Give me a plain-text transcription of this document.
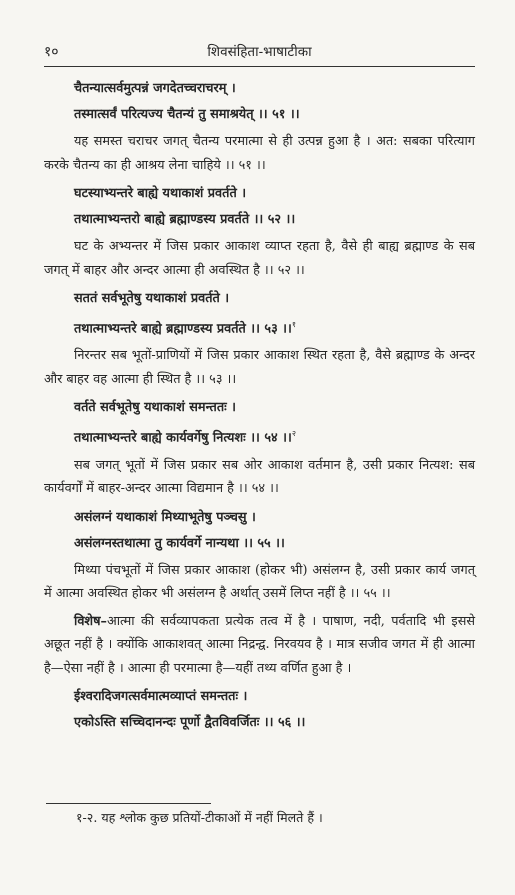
१०	शिवसंहिता-भाषाटीका
चैतन्यात्सर्वमुत्पन्नं जगदेतच्चराचरम् ।
तस्मात्सर्वं परित्यज्य चैतन्यं तु समाश्रयेत् ।। ५१ ।।
यह समस्त चराचर जगत् चैतन्य परमात्मा से ही उत्पन्न हुआ है । अत: सबका परित्याग करके चैतन्य का ही आश्रय लेना चाहिये ।। ५१ ।।
घटस्याभ्यन्तरे बाह्ये यथाकाशं प्रवर्तते ।
तथात्माभ्यन्तरो बाह्ये ब्रह्माण्डस्य प्रवर्तते ।। ५२ ।।
घट के अभ्यन्तर में जिस प्रकार आकाश व्याप्त रहता है, वैसे ही बाह्य ब्रह्माण्ड के सब जगत् में बाहर और अन्दर आत्मा ही अवस्थित है ।। ५२ ।।
सततं सर्वभूतेषु यथाकाशं प्रवर्तते ।
तथात्माभ्यन्तरे बाह्ये ब्रह्माण्डस्य प्रवर्तते ।। ५३ ।।$^१$
निरन्तर सब भूतों-प्राणियों में जिस प्रकार आकाश स्थित रहता है, वैसे ब्रह्माण्ड के अन्दर और बाहर वह आत्मा ही स्थित है ।। ५३ ।।
वर्तते सर्वभूतेषु यथाकाशं समन्ततः ।
तथात्माभ्यन्तरे बाह्ये कार्यवर्गेषु नित्यशः ।। ५४ ।।$^२$
सब जगत् भूतों में जिस प्रकार सब ओर आकाश वर्तमान है, उसी प्रकार नित्यश: सब कार्यवर्गों में बाहर-अन्दर आत्मा विद्यमान है ।। ५४ ।।
असंलग्नं यथाकाशं मिथ्याभूतेषु पञ्चसु ।
असंलग्नस्तथात्मा तु कार्यवर्गे नान्यथा ।। ५५ ।।
मिथ्या पंचभूतों में जिस प्रकार आकाश (होकर भी) असंलग्न है, उसी प्रकार कार्य जगत् में आत्मा अवस्थित होकर भी असंलग्न है अर्थात् उसमें लिप्त नहीं है ।। ५५ ।।
विशेष–आत्मा की सर्वव्यापकता प्रत्येक तत्व में है । पाषाण, नदी, पर्वतादि भी इससे अछूत नहीं है । क्योंकि आकाशवत् आत्मा निद्रन्द्व. निरवयव है । मात्र सजीव जगत में ही आत्मा है—ऐसा नहीं है । आत्मा ही परमात्मा है—यहीं तथ्य वर्णित हुआ है ।
ईश्वरादिजगत्सर्वमात्मव्याप्तं समन्ततः ।
एकोऽस्ति सच्चिदानन्दः पूर्णो द्वैतविवर्जितः ।। ५६ ।।
१-२. यह श्लोक कुछ प्रतियों-टीकाओं में नहीं मिलते हैं ।
